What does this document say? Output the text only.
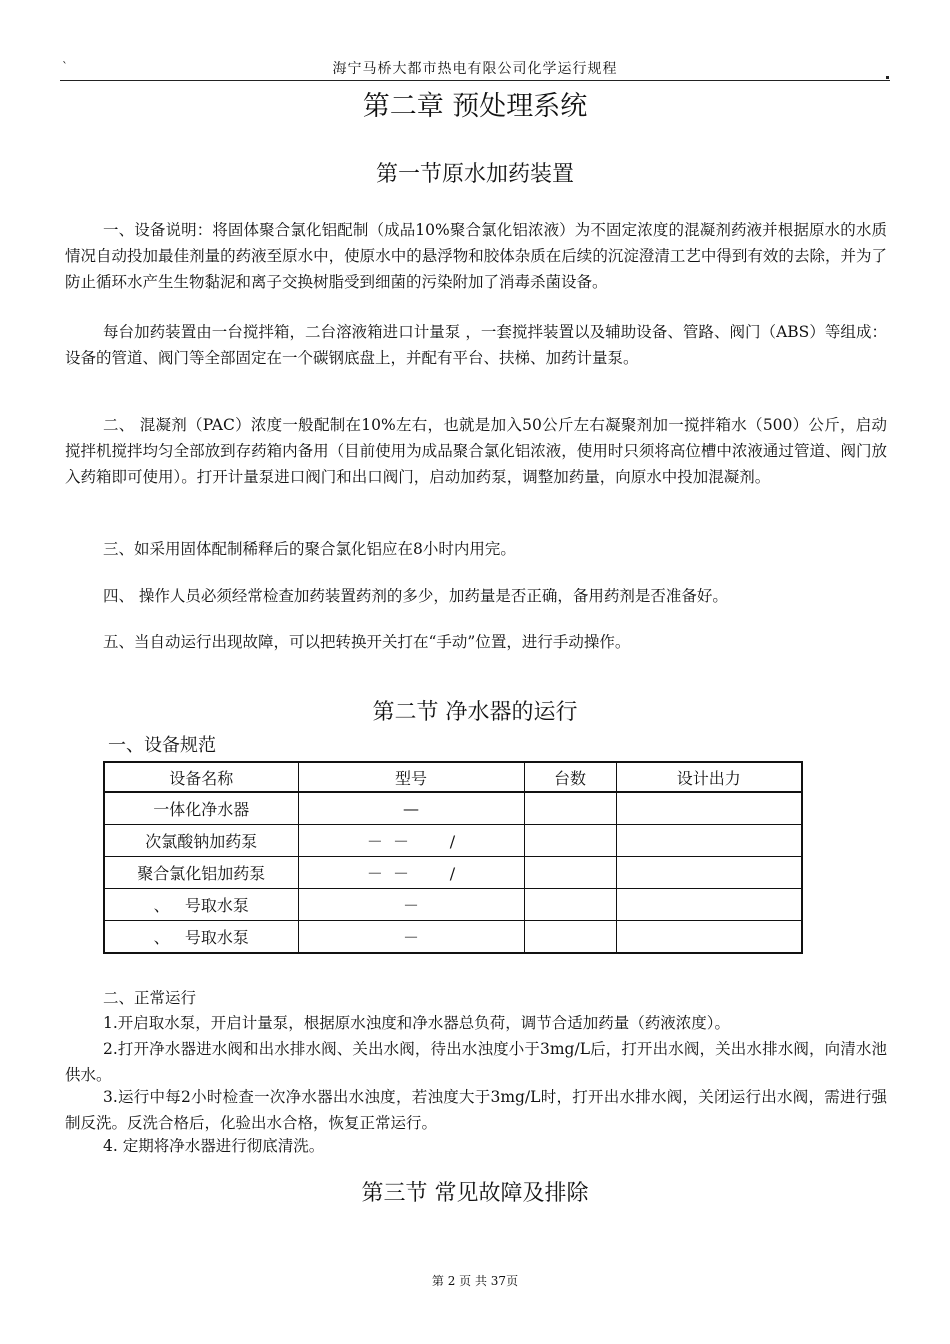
`	海宁马桥大都市热电有限公司化学运行规程
第二章 预处理系统
第一节原水加药装置
一、设备说明：将固体聚合氯化铝配制（成品10%聚合氯化铝浓液）为不固定浓度的混凝剂药液并根据原水的水质情况自动投加最佳剂量的药液至原水中，使原水中的悬浮物和胶体杂质在后续的沉淀澄清工艺中得到有效的去除，并为了防止循环水产生生物黏泥和离子交换树脂受到细菌的污染附加了消毒杀菌设备。
每台加药装置由一台搅拌箱，二台溶液箱进口计量泵 ，一套搅拌装置以及辅助设备、管路、阀门（ABS）等组成：设备的管道、阀门等全部固定在一个碳钢底盘上，并配有平台、扶梯、加药计量泵。
二、 混凝剂（PAC）浓度一般配制在10%左右，也就是加入50公斤左右凝聚剂加一搅拌箱水（500）公斤，启动搅拌机搅拌均匀全部放到存药箱内备用（目前使用为成品聚合氯化铝浓液，使用时只须将高位槽中浓液通过管道、阀门放入药箱即可使用）。打开计量泵进口阀门和出口阀门，启动加药泵，调整加药量，向原水中投加混凝剂。
三、如采用固体配制稀释后的聚合氯化铝应在8小时内用完。
四、 操作人员必须经常检查加药装置药剂的多少，加药量是否正确，备用药剂是否准备好。
五、当自动运行出现故障，可以把转换开关打在“手动”位置，进行手动操作。
第二节 净水器的运行
一、设备规范
设备名称	型号	台数	设计出力
一体化净水器	—		
次氯酸钠加药泵	－  －        /		
聚合氯化铝加药泵	－  －        /		
、   号取水泵	－		
、   号取水泵	－		
二、正常运行
1.开启取水泵，开启计量泵，根据原水浊度和净水器总负荷，调节合适加药量（药液浓度）。
2.打开净水器进水阀和出水排水阀、关出水阀，待出水浊度小于3mg/L后，打开出水阀，关出水排水阀，向清水池供水。
3.运行中每2小时检查一次净水器出水浊度，若浊度大于3mg/L时，打开出水排水阀，关闭运行出水阀，需进行强制反洗。反洗合格后，化验出水合格，恢复正常运行。
4. 定期将净水器进行彻底清洗。
第三节 常见故障及排除
第 2 页 共 37页
